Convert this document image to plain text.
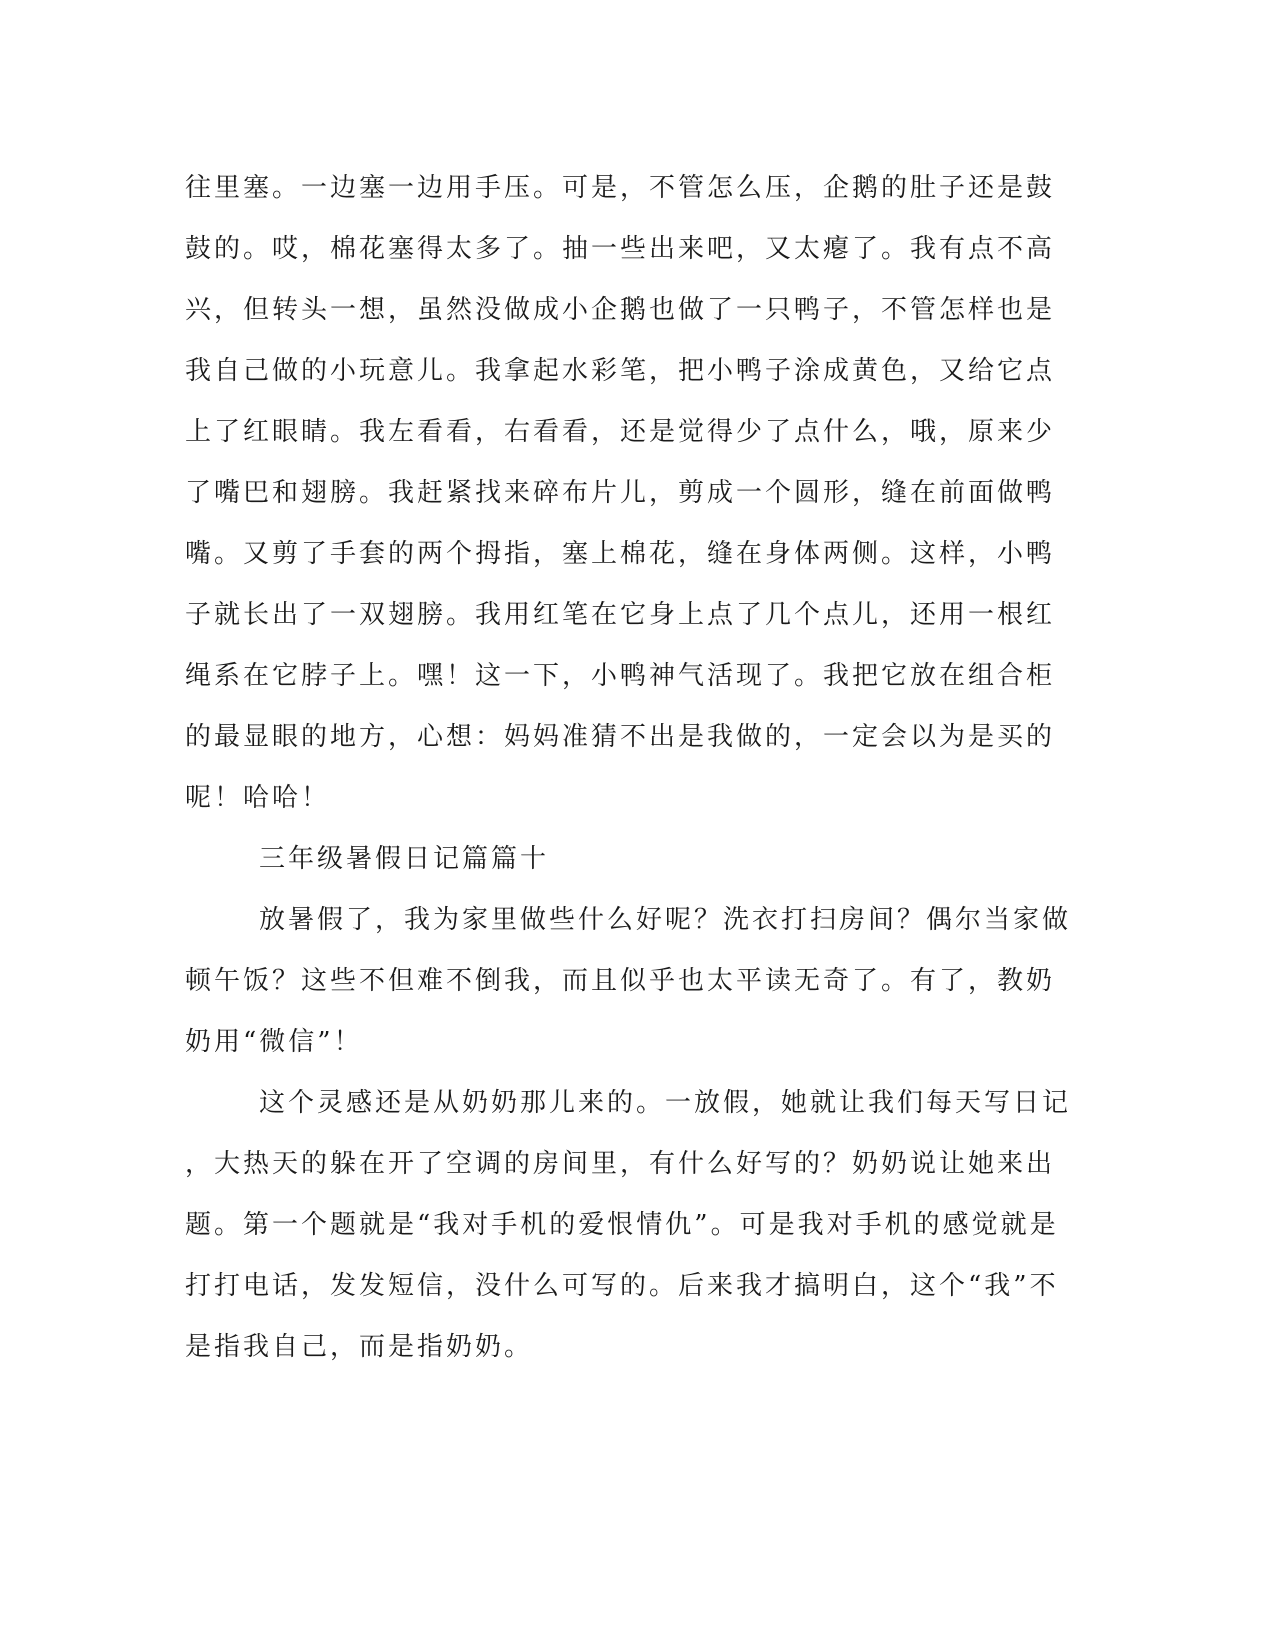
往里塞。一边塞一边用手压。可是，不管怎么压，企鹅的肚子还是鼓
鼓的。哎，棉花塞得太多了。抽一些出来吧，又太瘪了。我有点不高
兴，但转头一想，虽然没做成小企鹅也做了一只鸭子，不管怎样也是
我自己做的小玩意儿。我拿起水彩笔，把小鸭子涂成黄色，又给它点
上了红眼睛。我左看看，右看看，还是觉得少了点什么，哦，原来少
了嘴巴和翅膀。我赶紧找来碎布片儿，剪成一个圆形，缝在前面做鸭
嘴。又剪了手套的两个拇指，塞上棉花，缝在身体两侧。这样，小鸭
子就长出了一双翅膀。我用红笔在它身上点了几个点儿，还用一根红
绳系在它脖子上。嘿！这一下，小鸭神气活现了。我把它放在组合柜
的最显眼的地方，心想：妈妈准猜不出是我做的，一定会以为是买的
呢！哈哈！
三年级暑假日记篇篇十
放暑假了，我为家里做些什么好呢？洗衣打扫房间？偶尔当家做
顿午饭？这些不但难不倒我，而且似乎也太平读无奇了。有了，教奶
奶用“微信”！
这个灵感还是从奶奶那儿来的。一放假，她就让我们每天写日记
，大热天的躲在开了空调的房间里，有什么好写的？奶奶说让她来出
题。第一个题就是“我对手机的爱恨情仇”。可是我对手机的感觉就是
打打电话，发发短信，没什么可写的。后来我才搞明白，这个“我”不
是指我自己，而是指奶奶。
